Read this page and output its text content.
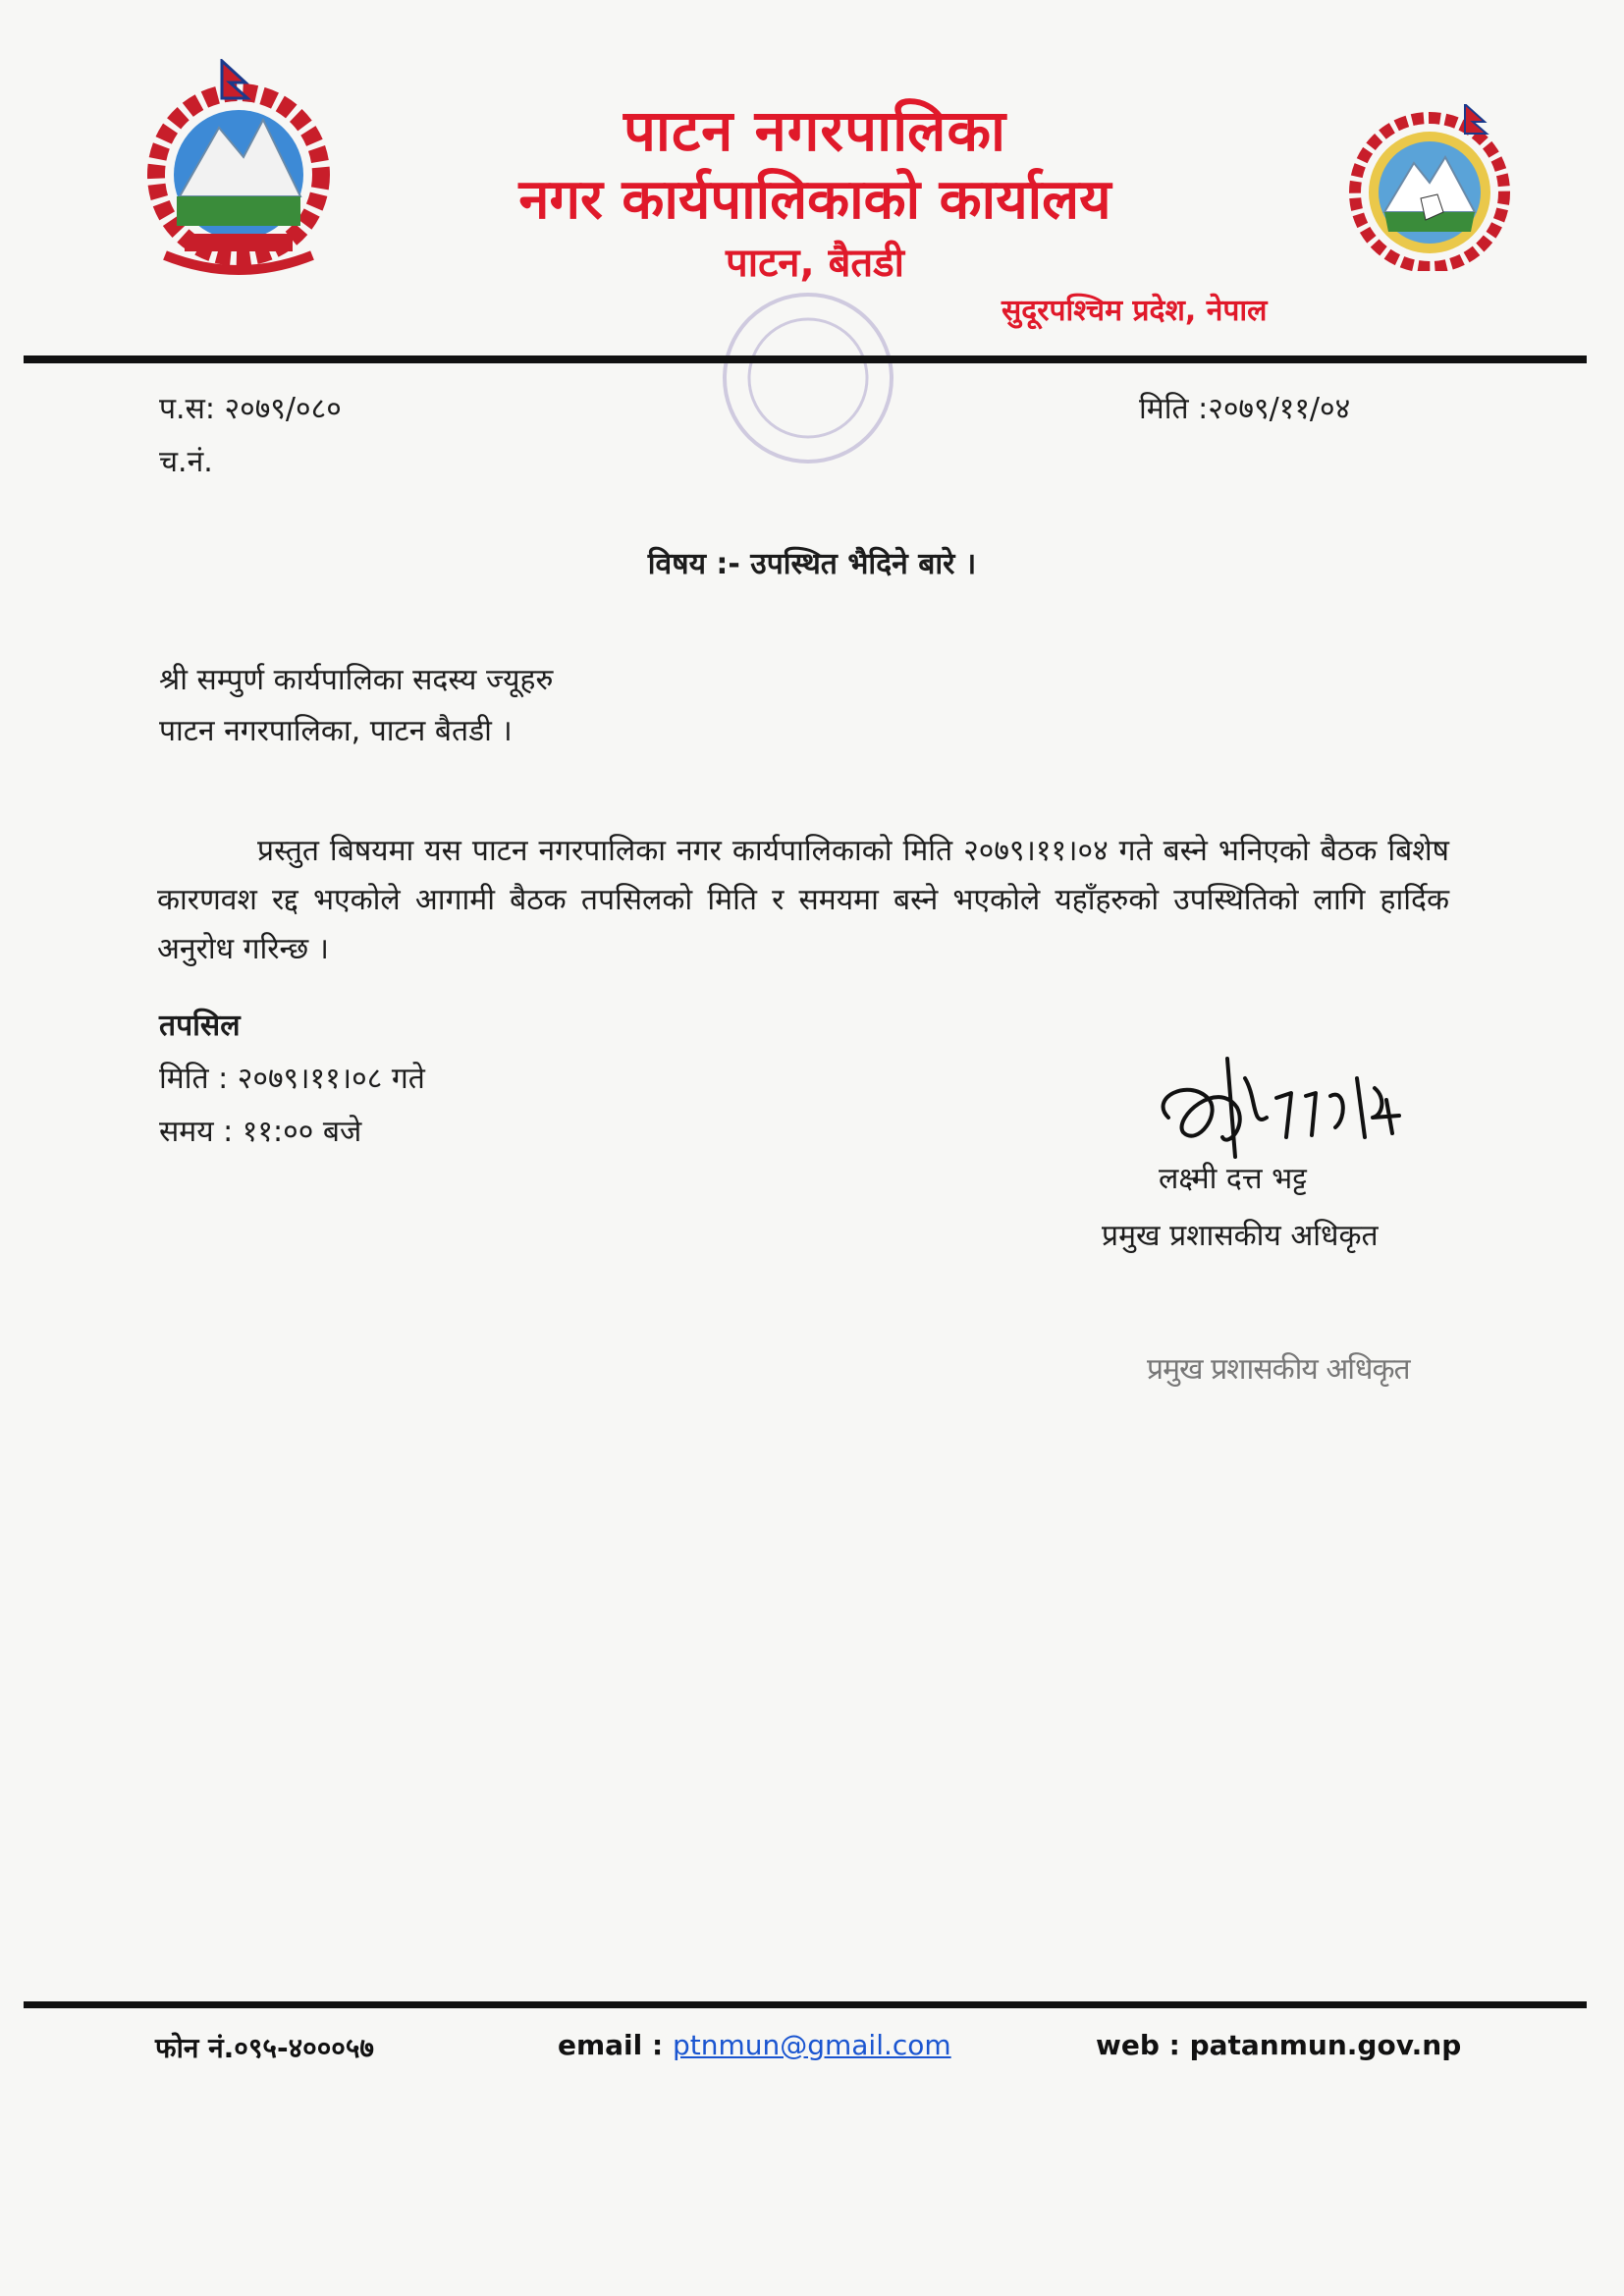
पाटन नगरपालिका
नगर कार्यपालिकाको कार्यालय
पाटन, बैतडी
सुदूरपश्चिम प्रदेश, नेपाल
प.स: २०७९/०८०
च.नं.
मिति :२०७९/११/०४
विषय :- उपस्थित भैदिने बारे ।
श्री सम्पुर्ण कार्यपालिका सदस्य ज्यूहरु
पाटन नगरपालिका, पाटन बैतडी ।
प्रस्तुत बिषयमा यस पाटन नगरपालिका नगर कार्यपालिकाको मिति २०७९।११।०४ गते बस्ने भनिएको बैठक बिशेष कारणवश रद्द भएकोले आगामी बैठक तपसिलको मिति र समयमा बस्ने भएकोले यहाँहरुको उपस्थितिको लागि हार्दिक अनुरोध गरिन्छ ।
तपसिल
मिति : २०७९।११।०८ गते
समय : ११:०० बजे
लक्ष्मी दत्त भट्ट
प्रमुख प्रशासकीय अधिकृत
प्रमुख प्रशासकीय अधिकृत
फोन नं.०९५-४०००५७	email : ptnmun@gmail.com	web : patanmun.gov.np
